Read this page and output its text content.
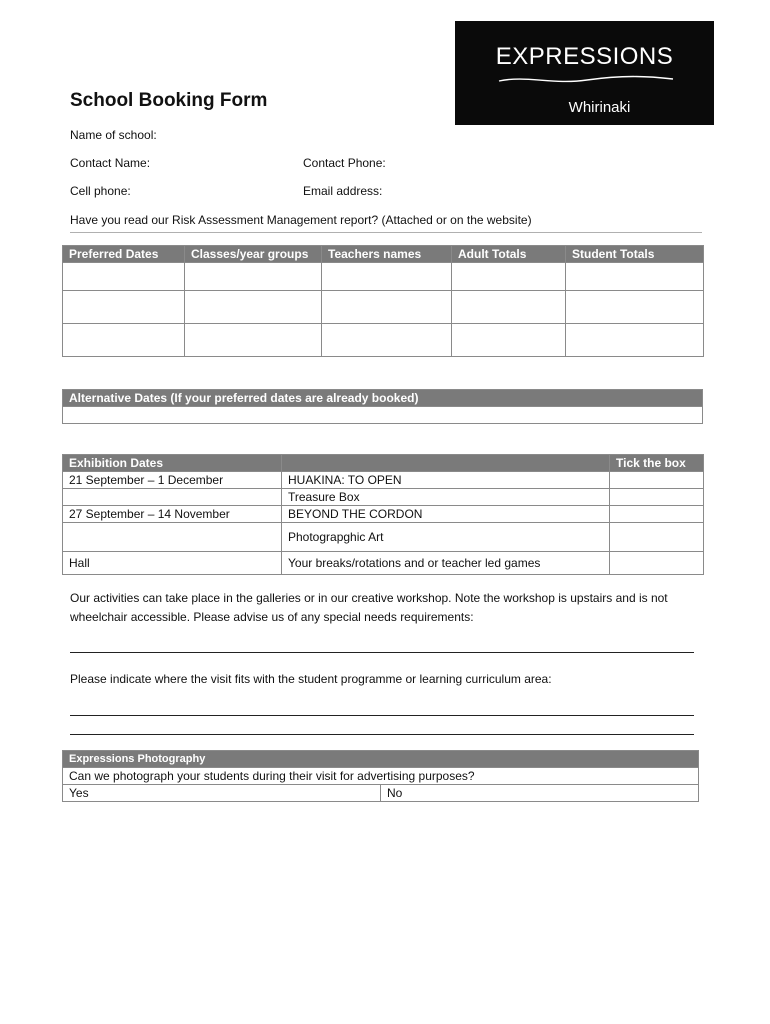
EXPRESSIONS
Whirinaki
School Booking Form
Name of school:
Contact Name:	Contact Phone:
Cell phone:	Email address:
Have you read our Risk Assessment Management report? (Attached or on the website)
Preferred Dates	Classes/year groups	Teachers names	Adult Totals	Student Totals

Alternative Dates (If your preferred dates are already booked)

Exhibition Dates		Tick the box
21 September – 1 December	HUAKINA: TO OPEN	
	Treasure Box	
27 September – 14 November	BEYOND THE CORDON	
	Photograpghic Art	
Hall	Your breaks/rotations and or teacher led games	
Our activities can take place in the galleries or in our creative workshop. Note the workshop is upstairs and is not wheelchair accessible. Please advise us of any special needs requirements:
Please indicate where the visit fits with the student programme or learning curriculum area:
Expressions Photography
Can we photograph your students during their visit for advertising purposes?
Yes	No
